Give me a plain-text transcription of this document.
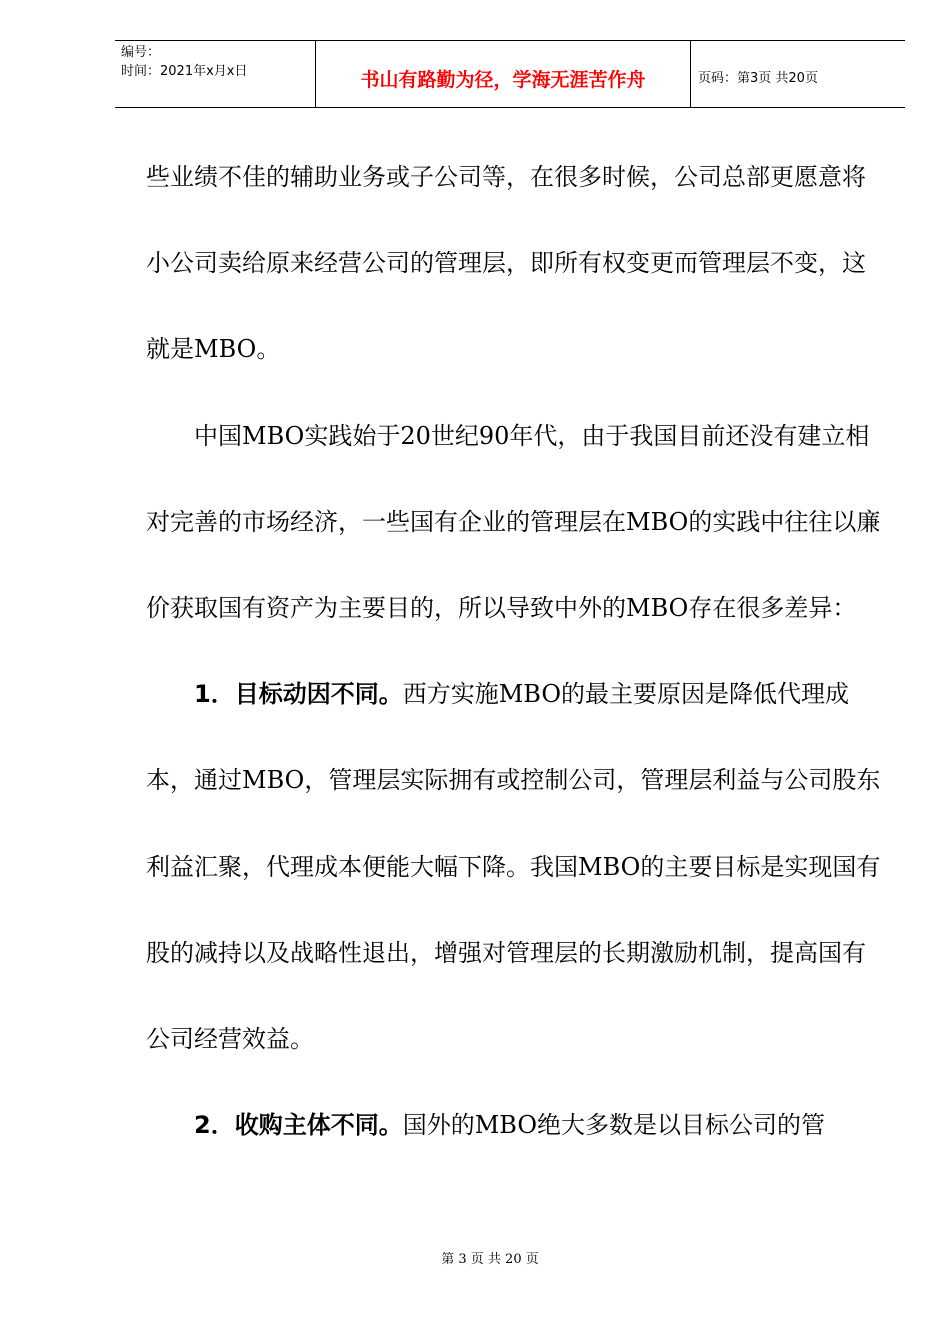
编号：
时间：2021年x月x日	书山有路勤为径，学海无涯苦作舟	页码：第3页 共20页

些业绩不佳的辅助业务或子公司等，在很多时候，公司总部更愿意将小公司卖给原来经营公司的管理层，即所有权变更而管理层不变，这就是MBO。

中国MBO实践始于20世纪90年代，由于我国目前还没有建立相对完善的市场经济，一些国有企业的管理层在MBO的实践中往往以廉价获取国有资产为主要目的，所以导致中外的MBO存在很多差异：

1．目标动因不同。西方实施MBO的最主要原因是降低代理成本，通过MBO，管理层实际拥有或控制公司，管理层利益与公司股东利益汇聚，代理成本便能大幅下降。我国MBO的主要目标是实现国有股的减持以及战略性退出，增强对管理层的长期激励机制，提高国有公司经营效益。

2．收购主体不同。国外的MBO绝大多数是以目标公司的管

第 3 页 共 20 页
